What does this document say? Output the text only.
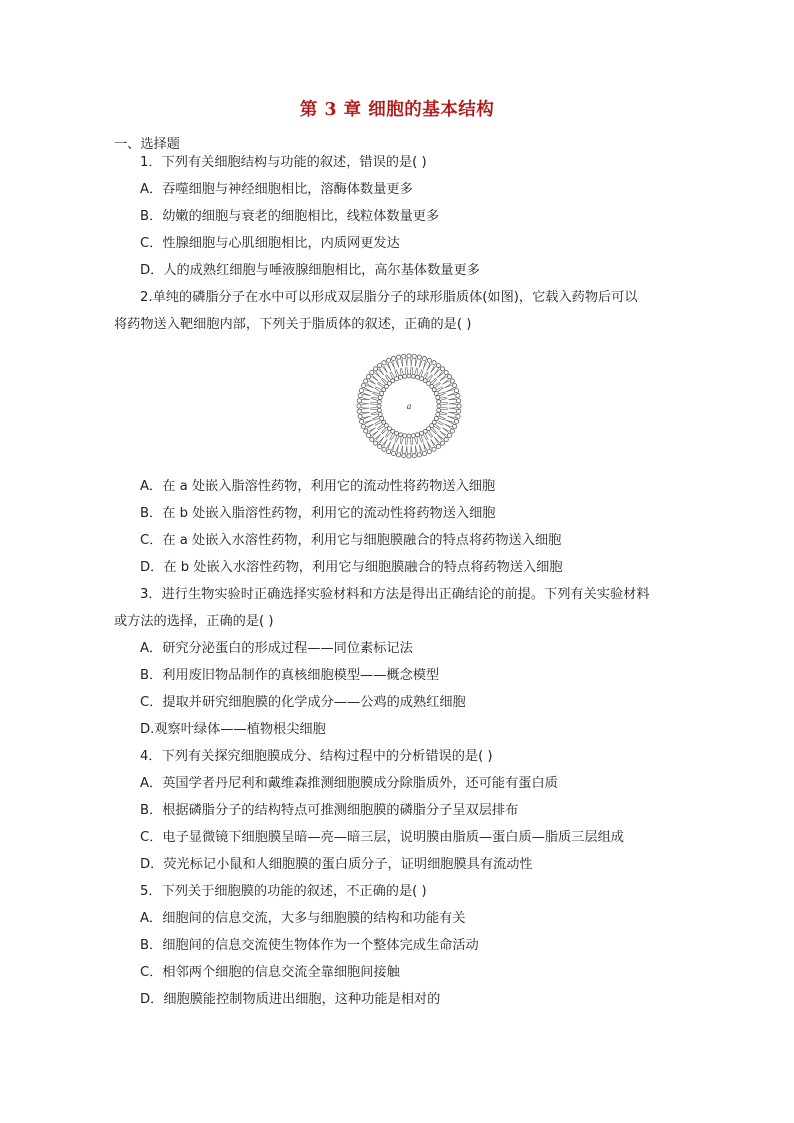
第 3 章 细胞的基本结构
一、选择题
1．下列有关细胞结构与功能的叙述，错误的是( )
A．吞噬细胞与神经细胞相比，溶酶体数量更多
B．幼嫩的细胞与衰老的细胞相比，线粒体数量更多
C．性腺细胞与心肌细胞相比，内质网更发达
D．人的成熟红细胞与唾液腺细胞相比，高尔基体数量更多
2.单纯的磷脂分子在水中可以形成双层脂分子的球形脂质体(如图)，它载入药物后可以
将药物送入靶细胞内部，下列关于脂质体的叙述，正确的是( )
a
A．在 a 处嵌入脂溶性药物，利用它的流动性将药物送入细胞
B．在 b 处嵌入脂溶性药物，利用它的流动性将药物送入细胞
C．在 a 处嵌入水溶性药物，利用它与细胞膜融合的特点将药物送入细胞
D．在 b 处嵌入水溶性药物，利用它与细胞膜融合的特点将药物送入细胞
3．进行生物实验时正确选择实验材料和方法是得出正确结论的前提。下列有关实验材料
或方法的选择，正确的是( )
A．研究分泌蛋白的形成过程——同位素标记法
B．利用废旧物品制作的真核细胞模型——概念模型
C．提取并研究细胞膜的化学成分——公鸡的成熟红细胞
D.观察叶绿体——植物根尖细胞
4．下列有关探究细胞膜成分、结构过程中的分析错误的是( )
A．英国学者丹尼利和戴维森推测细胞膜成分除脂质外，还可能有蛋白质
B．根据磷脂分子的结构特点可推测细胞膜的磷脂分子呈双层排布
C．电子显微镜下细胞膜呈暗—亮—暗三层，说明膜由脂质—蛋白质—脂质三层组成
D．荧光标记小鼠和人细胞膜的蛋白质分子，证明细胞膜具有流动性
5．下列关于细胞膜的功能的叙述，不正确的是( )
A．细胞间的信息交流，大多与细胞膜的结构和功能有关
B．细胞间的信息交流使生物体作为一个整体完成生命活动
C．相邻两个细胞的信息交流全靠细胞间接触
D．细胞膜能控制物质进出细胞，这种功能是相对的
